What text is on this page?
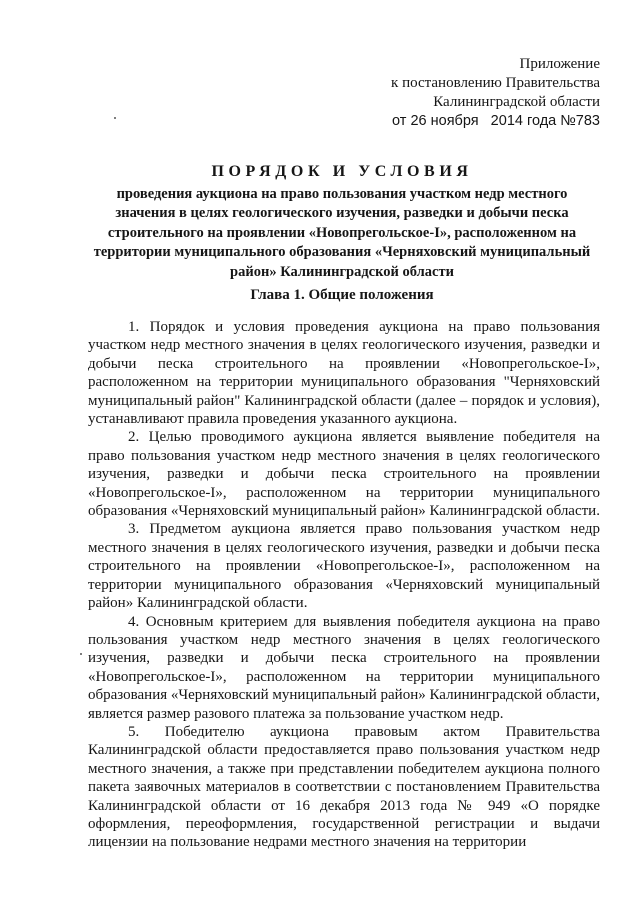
Приложение
к постановлению Правительства
Калининградской области
от 26 ноября   2014 года №783
ПОРЯДОК И УСЛОВИЯ
проведения аукциона на право пользования участком недр местного значения в целях геологического изучения, разведки и добычи песка строительного на проявлении «Новопрегольское-I», расположенном на территории муниципального образования «Черняховский муниципальный район» Калининградской области
Глава 1. Общие положения

1. Порядок и условия проведения аукциона на право пользования участком недр местного значения в целях геологического изучения, разведки и добычи песка строительного на проявлении «Новопрегольское-I», расположенном на территории муниципального образования "Черняховский муниципальный район" Калининградской области (далее – порядок и условия), устанавливают правила проведения указанного аукциона.

2. Целью проводимого аукциона является выявление победителя на право пользования участком недр местного значения в целях геологического изучения, разведки и добычи песка строительного на проявлении «Новопрегольское-I», расположенном на территории муниципального образования «Черняховский муниципальный район» Калининградской области.

3. Предметом аукциона является право пользования участком недр местного значения в целях геологического изучения, разведки и добычи песка строительного на проявлении «Новопрегольское-I», расположенном на территории муниципального образования «Черняховский муниципальный район» Калининградской области.

4. Основным критерием для выявления победителя аукциона на право пользования участком недр местного значения в целях геологического изучения, разведки и добычи песка строительного на проявлении «Новопрегольское-I», расположенном на территории муниципального образования «Черняховский муниципальный район» Калининградской области, является размер разового платежа за пользование участком недр.

5. Победителю аукциона правовым актом Правительства Калининградской области предоставляется право пользования участком недр местного значения, а также при представлении победителем аукциона полного пакета заявочных материалов в соответствии с постановлением Правительства Калининградской области от 16 декабря 2013 года № 949 «О порядке оформления, переоформления, государственной регистрации и выдачи лицензии на пользование недрами местного значения на территории
